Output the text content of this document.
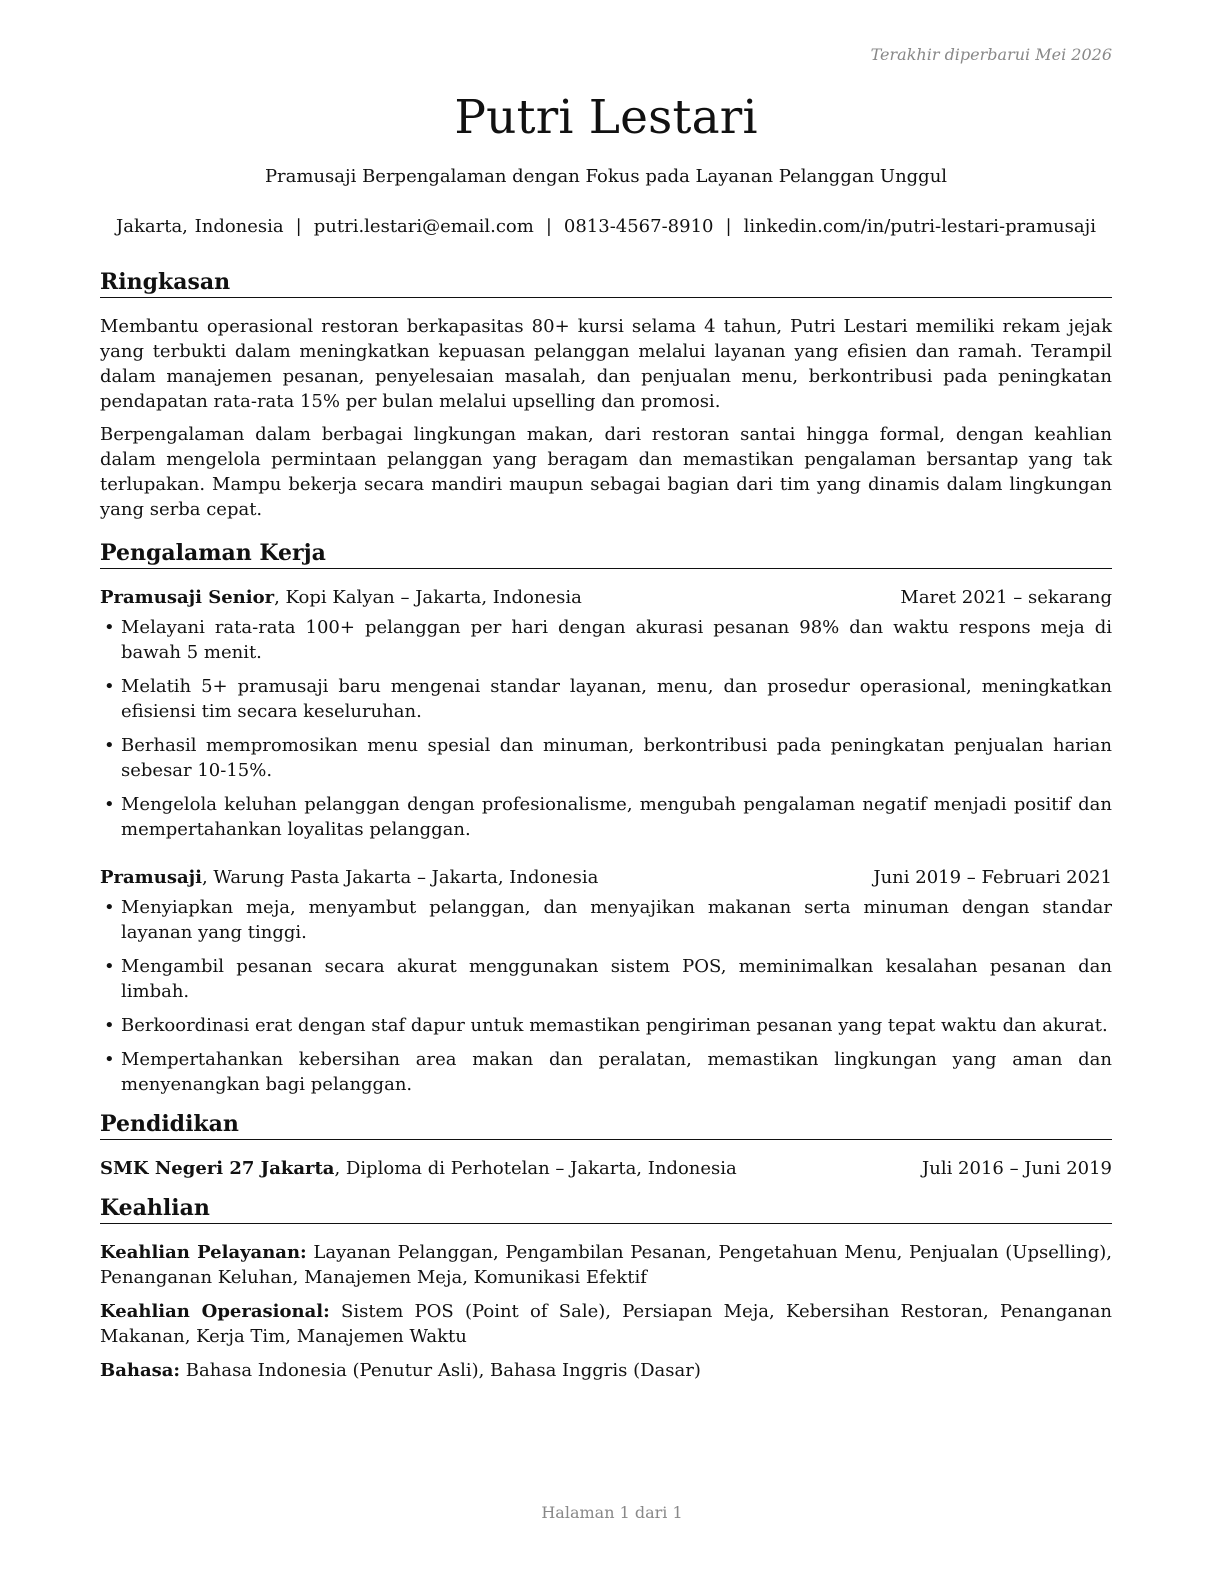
Terakhir diperbarui Mei 2026
Putri Lestari
Pramusaji Berpengalaman dengan Fokus pada Layanan Pelanggan Unggul
Jakarta, Indonesia | putri.lestari@email.com | 0813-4567-8910 | linkedin.com/in/putri-lestari-pramusaji
Ringkasan

Membantu operasional restoran berkapasitas 80+ kursi selama 4 tahun, Putri Lestari memiliki rekam jejak yang terbukti dalam meningkatkan kepuasan pelanggan melalui layanan yang efisien dan ramah. Terampil dalam manajemen pesanan, penyelesaian masalah, dan penjualan menu, berkontribusi pada peningkatan pendapatan rata-rata 15% per bulan melalui upselling dan promosi.

Berpengalaman dalam berbagai lingkungan makan, dari restoran santai hingga formal, dengan keahlian dalam mengelola permintaan pelanggan yang beragam dan memastikan pengalaman bersantap yang tak terlupakan. Mampu bekerja secara mandiri maupun sebagai bagian dari tim yang dinamis dalam lingkungan yang serba cepat.

Pengalaman Kerja
Pramusaji Senior, Kopi Kalyan – Jakarta, Indonesia	Maret 2021 – sekarang
• Melayani rata-rata 100+ pelanggan per hari dengan akurasi pesanan 98% dan waktu respons meja di bawah 5 menit.
• Melatih 5+ pramusaji baru mengenai standar layanan, menu, dan prosedur operasional, meningkatkan efisiensi tim secara keseluruhan.
• Berhasil mempromosikan menu spesial dan minuman, berkontribusi pada peningkatan penjualan harian sebesar 10-15%.
• Mengelola keluhan pelanggan dengan profesionalisme, mengubah pengalaman negatif menjadi positif dan mempertahankan loyalitas pelanggan.
Pramusaji, Warung Pasta Jakarta – Jakarta, Indonesia	Juni 2019 – Februari 2021
• Menyiapkan meja, menyambut pelanggan, dan menyajikan makanan serta minuman dengan standar layanan yang tinggi.
• Mengambil pesanan secara akurat menggunakan sistem POS, meminimalkan kesalahan pesanan dan limbah.
• Berkoordinasi erat dengan staf dapur untuk memastikan pengiriman pesanan yang tepat waktu dan akurat.
• Mempertahankan kebersihan area makan dan peralatan, memastikan lingkungan yang aman dan menyenangkan bagi pelanggan.
Pendidikan
SMK Negeri 27 Jakarta, Diploma di Perhotelan – Jakarta, Indonesia	Juli 2016 – Juni 2019
Keahlian
Keahlian Pelayanan: Layanan Pelanggan, Pengambilan Pesanan, Pengetahuan Menu, Penjualan (Upselling), Penanganan Keluhan, Manajemen Meja, Komunikasi Efektif
Keahlian Operasional: Sistem POS (Point of Sale), Persiapan Meja, Kebersihan Restoran, Penanganan Makanan, Kerja Tim, Manajemen Waktu
Bahasa: Bahasa Indonesia (Penutur Asli), Bahasa Inggris (Dasar)
Halaman 1 dari 1
